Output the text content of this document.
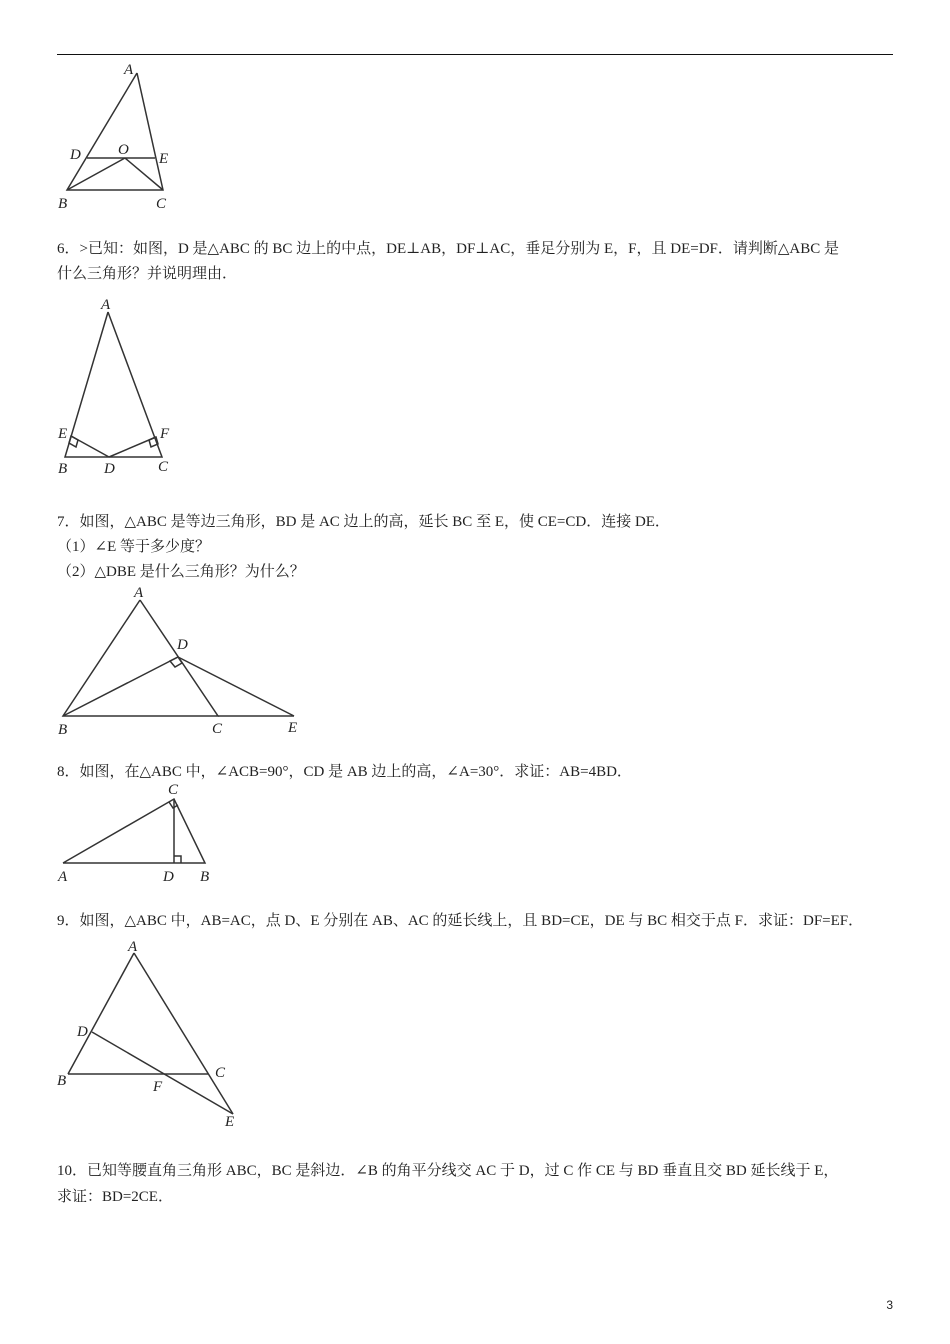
A
D O
E
B	C
6．>已知：如图，D 是△ABC 的 BC 边上的中点，DE⊥AB，DF⊥AC，垂足分别为 E，F，且 DE=DF．请判断△ABC 是
什么三角形？并说明理由．
A
E	F
B D	C
7．如图，△ABC 是等边三角形，BD 是 AC 边上的高，延长 BC 至 E，使 CE=CD．连接 DE．
（1）∠E 等于多少度？
（2）△DBE 是什么三角形？为什么？
A
D
B	C	E
8．如图，在△ABC 中，∠ACB=90°，CD 是 AB 边上的高，∠A=30°．求证：AB=4BD．
C
A	D B
9．如图，△ABC 中，AB=AC，点 D、E 分别在 AB、AC 的延长线上，且 BD=CE，DE 与 BC 相交于点 F．求证：DF=EF．
A
D
B	C
F
E
10．已知等腰直角三角形 ABC，BC 是斜边．∠B 的角平分线交 AC 于 D，过 C 作 CE 与 BD 垂直且交 BD 延长线于 E，
求证：BD=2CE．
3
